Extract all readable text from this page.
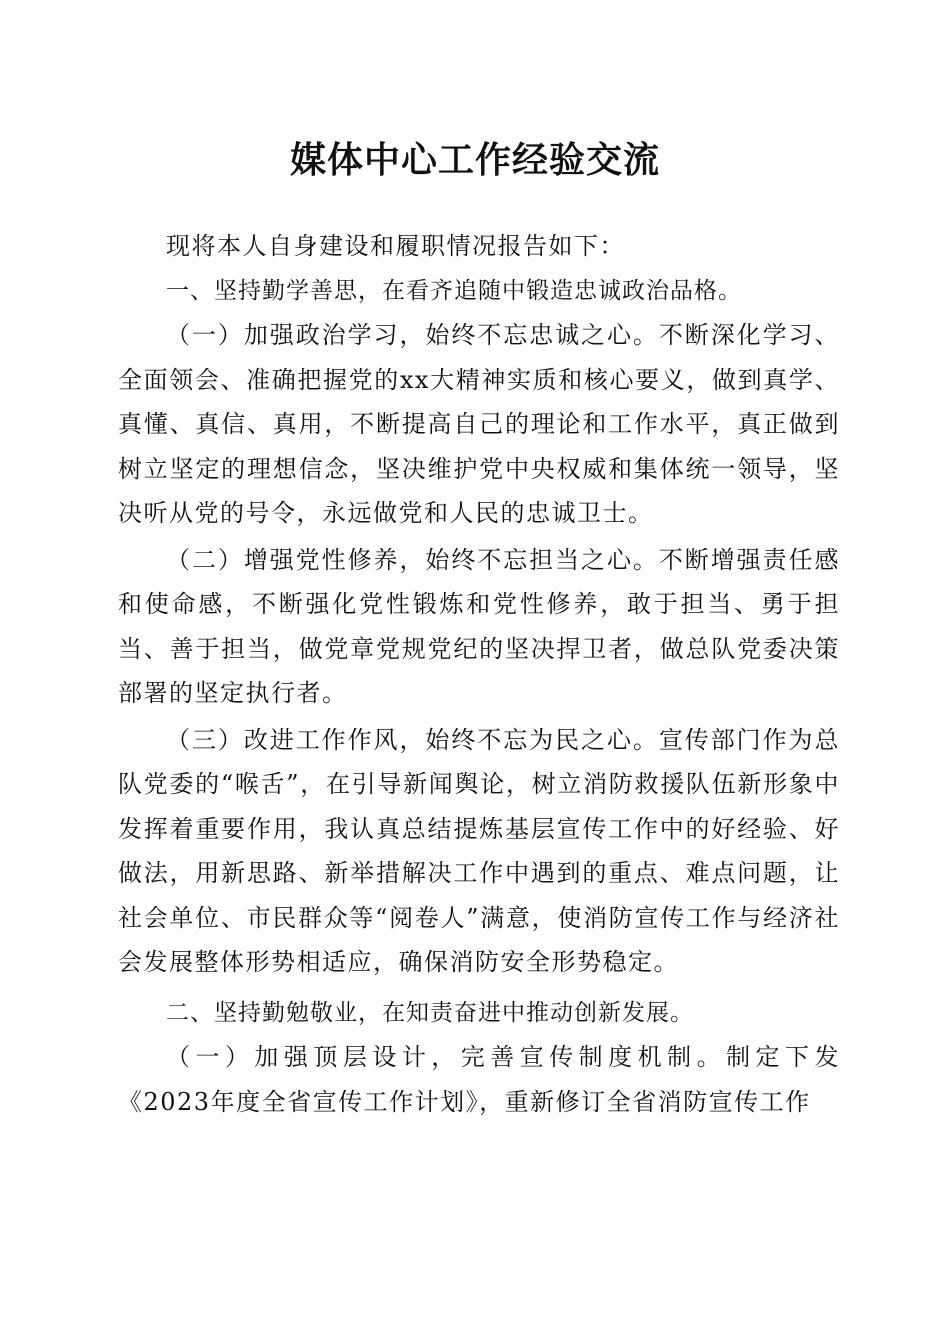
媒体中心工作经验交流

现将本人自身建设和履职情况报告如下：

一、坚持勤学善思，在看齐追随中锻造忠诚政治品格。

（一）加强政治学习，始终不忘忠诚之心。不断深化学习、全面领会、准确把握党的xx大精神实质和核心要义，做到真学、真懂、真信、真用，不断提高自己的理论和工作水平，真正做到树立坚定的理想信念，坚决维护党中央权威和集体统一领导，坚决听从党的号令，永远做党和人民的忠诚卫士。

（二）增强党性修养，始终不忘担当之心。不断增强责任感和使命感，不断强化党性锻炼和党性修养，敢于担当、勇于担当、善于担当，做党章党规党纪的坚决捍卫者，做总队党委决策部署的坚定执行者。

（三）改进工作作风，始终不忘为民之心。宣传部门作为总队党委的“喉舌”，在引导新闻舆论，树立消防救援队伍新形象中发挥着重要作用，我认真总结提炼基层宣传工作中的好经验、好做法，用新思路、新举措解决工作中遇到的重点、难点问题，让社会单位、市民群众等“阅卷人”满意，使消防宣传工作与经济社会发展整体形势相适应，确保消防安全形势稳定。

二、坚持勤勉敬业，在知责奋进中推动创新发展。

（一）加强顶层设计，完善宣传制度机制。制定下发《2023年度全省宣传工作计划》，重新修订全省消防宣传工作
